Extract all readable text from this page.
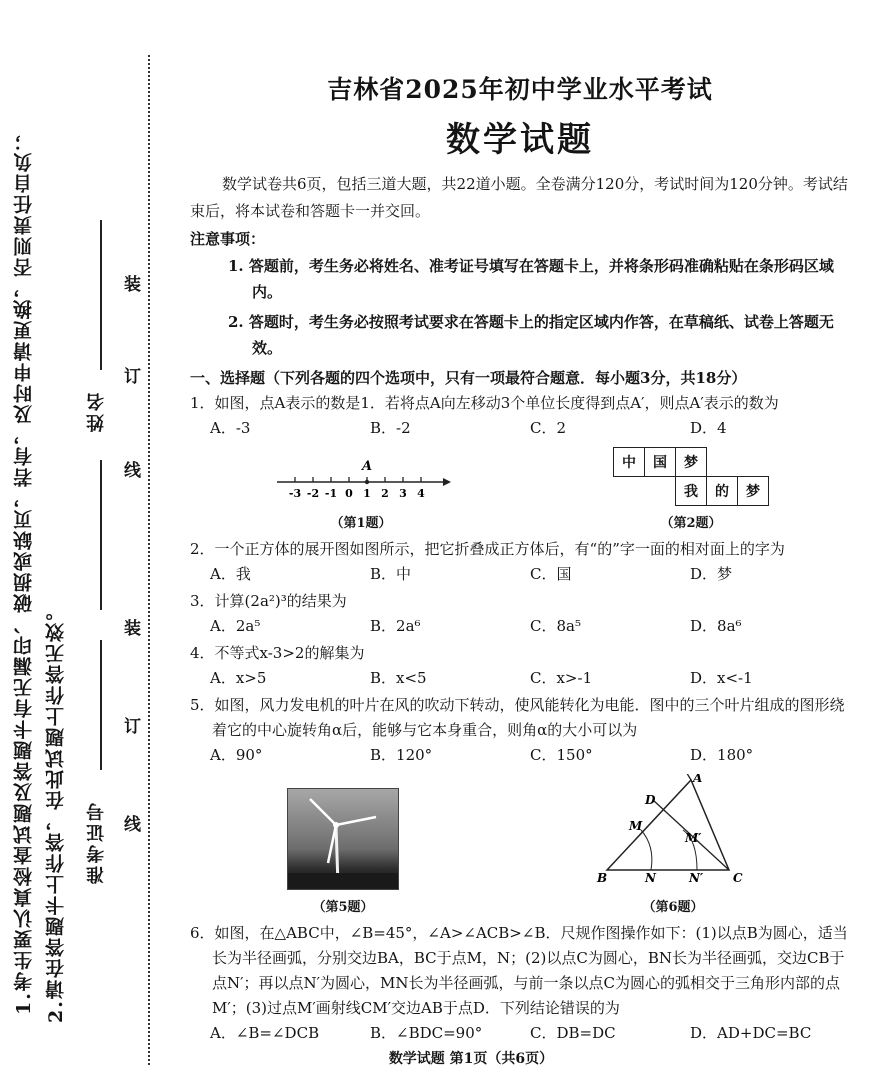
1.考生要认真检查试题及答题卡有无漏印、破损或缺页，若有，及时申请更换，否则责任自负； 2.请在答题卡上作答，在此试题上作答无效。
姓名
准考证号
装
订
线
装
订
线
吉林省2025年初中学业水平考试
数学试题

数学试卷共6页，包括三道大题，共22道小题。全卷满分120分，考试时间为120分钟。考试结束后，将本试卷和答题卡一并交回。

注意事项：

1. 答题前，考生务必将姓名、准考证号填写在答题卡上，并将条形码准确粘贴在条形码区域内。

2. 答题时，考生务必按照考试要求在答题卡上的指定区域内作答，在草稿纸、试卷上答题无效。

一、选择题（下列各题的四个选项中，只有一项最符合题意．每小题3分，共18分）

1．如图，点A表示的数是1．若将点A向左移动3个单位长度得到点A′，则点A′表示的数为

A．-3	B．-2	C．2	D．4
-3 -2 -1 0 1 2 3 4
A
（第1题）
中	国	梦		
		我	的	梦
（第2题）

2．一个正方体的展开图如图所示，把它折叠成正方体后，有“的”字一面的相对面上的字为

A．我	B．中	C．国	D．梦

3．计算(2a²)³的结果为

A．2a⁵	B．2a⁶	C．8a⁵	D．8a⁶

4．不等式x-3>2的解集为

A．x>5	B．x<5	C．x>-1	D．x<-1

5．如图，风力发电机的叶片在风的吹动下转动，使风能转化为电能．图中的三个叶片组成的图形绕着它的中心旋转角α后，能够与它本身重合，则角α的大小可以为

A．90°	B．120°	C．150°	D．180°
（第5题）
B	C
A
D
M
M′
N	N′
（第6题）

6．如图，在△ABC中，∠B=45°，∠A>∠ACB>∠B．尺规作图操作如下：(1)以点B为圆心，适当长为半径画弧，分别交边BA，BC于点M，N；(2)以点C为圆心，BN长为半径画弧，交边CB于点N′；再以点N′为圆心，MN长为半径画弧，与前一条以点C为圆心的弧相交于三角形内部的点M′；(3)过点M′画射线CM′交边AB于点D．下列结论错误的为

A．∠B=∠DCB	B．∠BDC=90°	C．DB=DC	D．AD+DC=BC
数学试题 第1页（共6页）
